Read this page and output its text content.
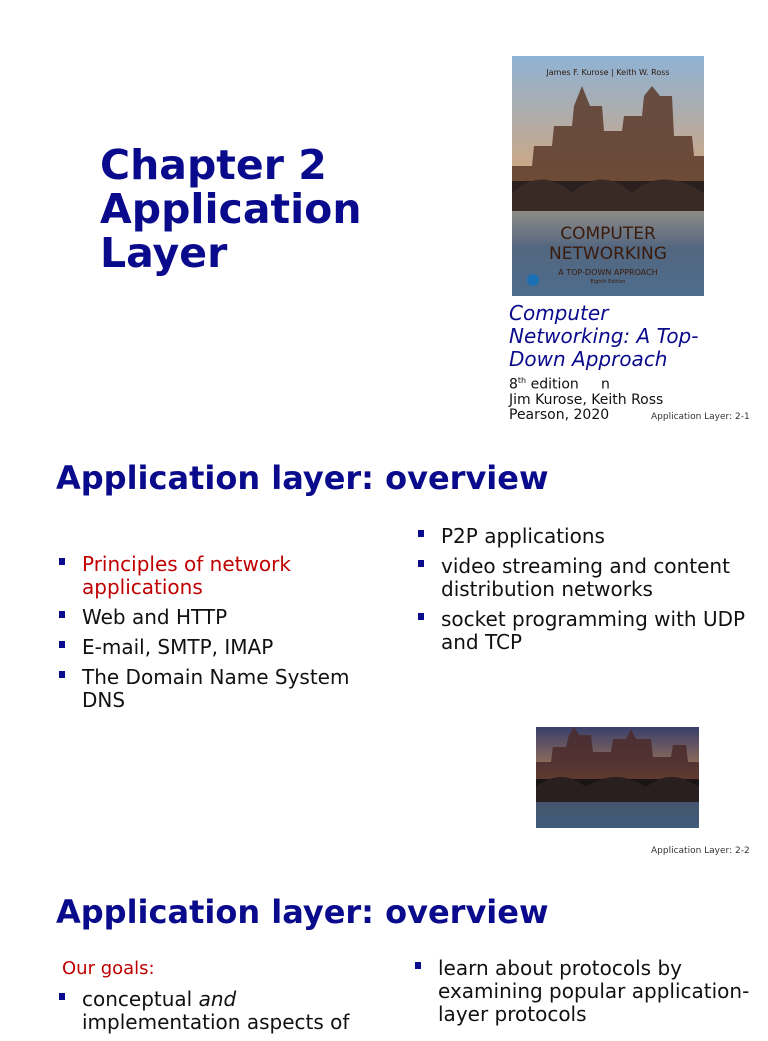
Chapter 2
Application
Layer
James F. Kurose | Keith W. Ross
COMPUTER
NETWORKING
A TOP-DOWN APPROACH
Eighth Edition
Computer
Networking: A Top-
Down Approach
8th edition     n
Jim Kurose, Keith Ross
Pearson, 2020	Application Layer: 2-1
Application layer: overview
Principles of network applications
Web and HTTP
E-mail, SMTP, IMAP
The Domain Name System DNS
P2P applications
video streaming and content distribution networks
socket programming with UDP and TCP
Application Layer: 2-2
Application layer: overview
Our goals:
conceptual and
implementation aspects of
learn about protocols by examining popular application-layer protocols
